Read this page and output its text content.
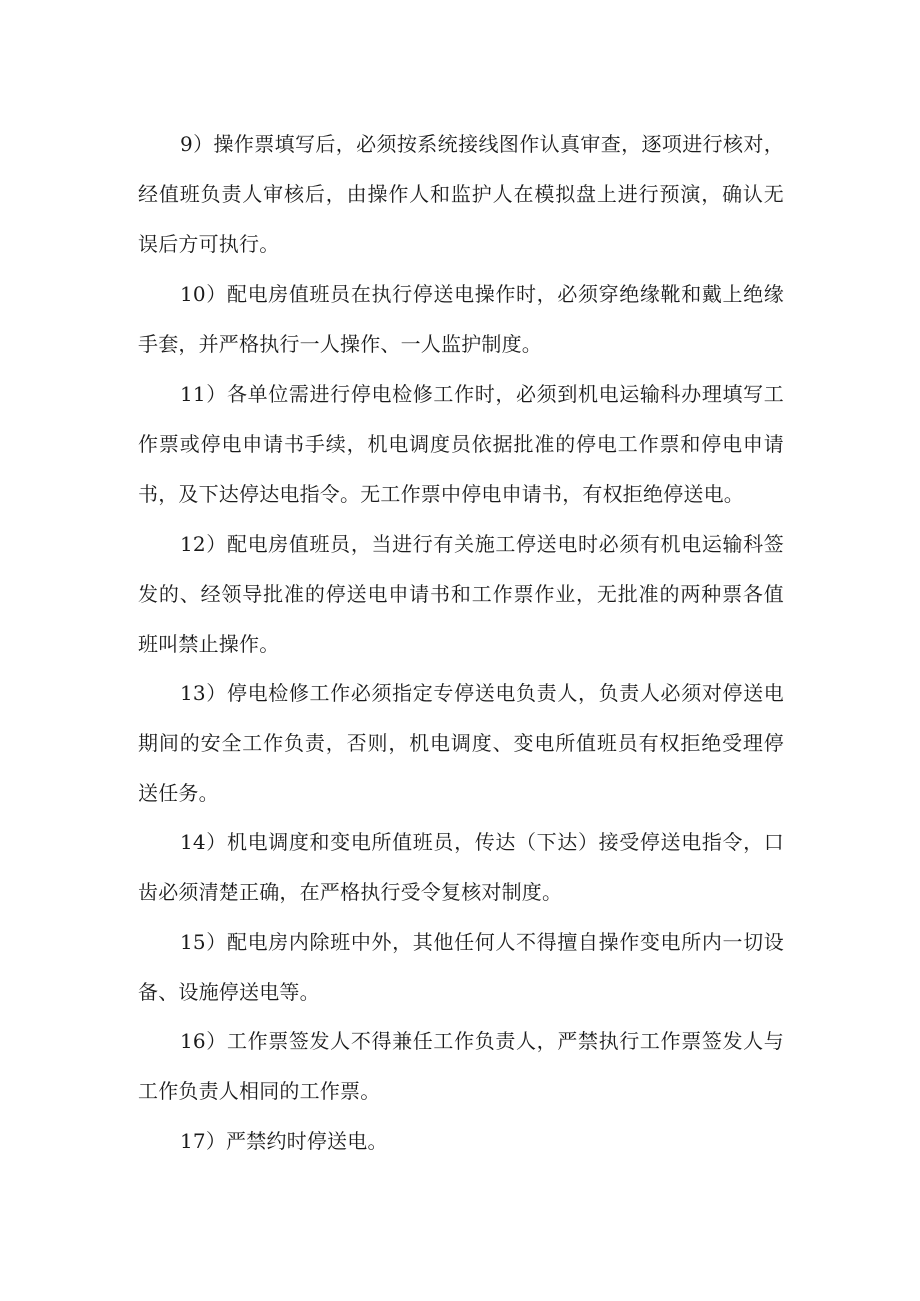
9）操作票填写后，必须按系统接线图作认真审查，逐项进行核对，经值班负责人审核后，由操作人和监护人在模拟盘上进行预演，确认无误后方可执行。

10）配电房值班员在执行停送电操作时，必须穿绝缘靴和戴上绝缘手套，并严格执行一人操作、一人监护制度。

11）各单位需进行停电检修工作时，必须到机电运输科办理填写工作票或停电申请书手续，机电调度员依据批准的停电工作票和停电申请书，及下达停达电指令。无工作票中停电申请书，有权拒绝停送电。

12）配电房值班员，当进行有关施工停送电时必须有机电运输科签发的、经领导批准的停送电申请书和工作票作业，无批准的两种票各值班叫禁止操作。

13）停电检修工作必须指定专停送电负责人，负责人必须对停送电期间的安全工作负责，否则，机电调度、变电所值班员有权拒绝受理停送任务。

14）机电调度和变电所值班员，传达（下达）接受停送电指令，口齿必须清楚正确，在严格执行受令复核对制度。

15）配电房内除班中外，其他任何人不得擅自操作变电所内一切设备、设施停送电等。

16）工作票签发人不得兼任工作负责人，严禁执行工作票签发人与工作负责人相同的工作票。

17）严禁约时停送电。
